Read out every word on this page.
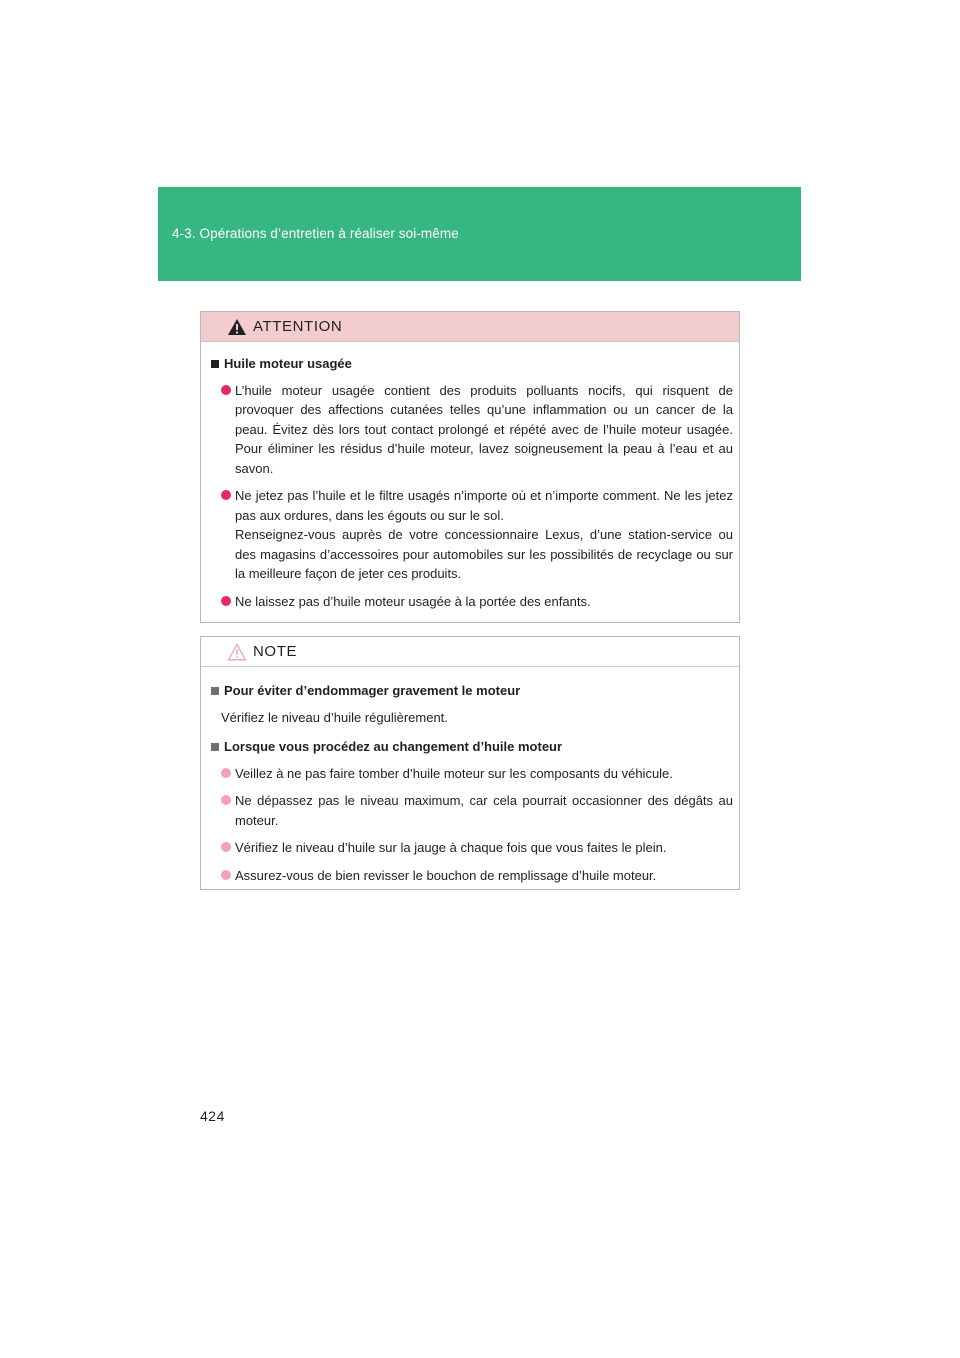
4-3. Opérations d’entretien à réaliser soi-même
ATTENTION
Huile moteur usagée
L’huile moteur usagée contient des produits polluants nocifs, qui risquent de provoquer des affections cutanées telles qu’une inflammation ou un cancer de la peau. Évitez dès lors tout contact prolongé et répété avec de l’huile moteur usagée. Pour éliminer les résidus d’huile moteur, lavez soigneusement la peau à l’eau et au savon.
Ne jetez pas l’huile et le filtre usagés n’importe où et n’importe comment. Ne les jetez pas aux ordures, dans les égouts ou sur le sol.
Renseignez-vous auprès de votre concessionnaire Lexus, d’une station-service ou des magasins d’accessoires pour automobiles sur les possibilités de recyclage ou sur la meilleure façon de jeter ces produits.
Ne laissez pas d’huile moteur usagée à la portée des enfants.
NOTE
Pour éviter d’endommager gravement le moteur
Vérifiez le niveau d’huile régulièrement.
Lorsque vous procédez au changement d’huile moteur
Veillez à ne pas faire tomber d’huile moteur sur les composants du véhicule.
Ne dépassez pas le niveau maximum, car cela pourrait occasionner des dégâts au moteur.
Vérifiez le niveau d’huile sur la jauge à chaque fois que vous faites le plein.
Assurez-vous de bien revisser le bouchon de remplissage d’huile moteur.
424
